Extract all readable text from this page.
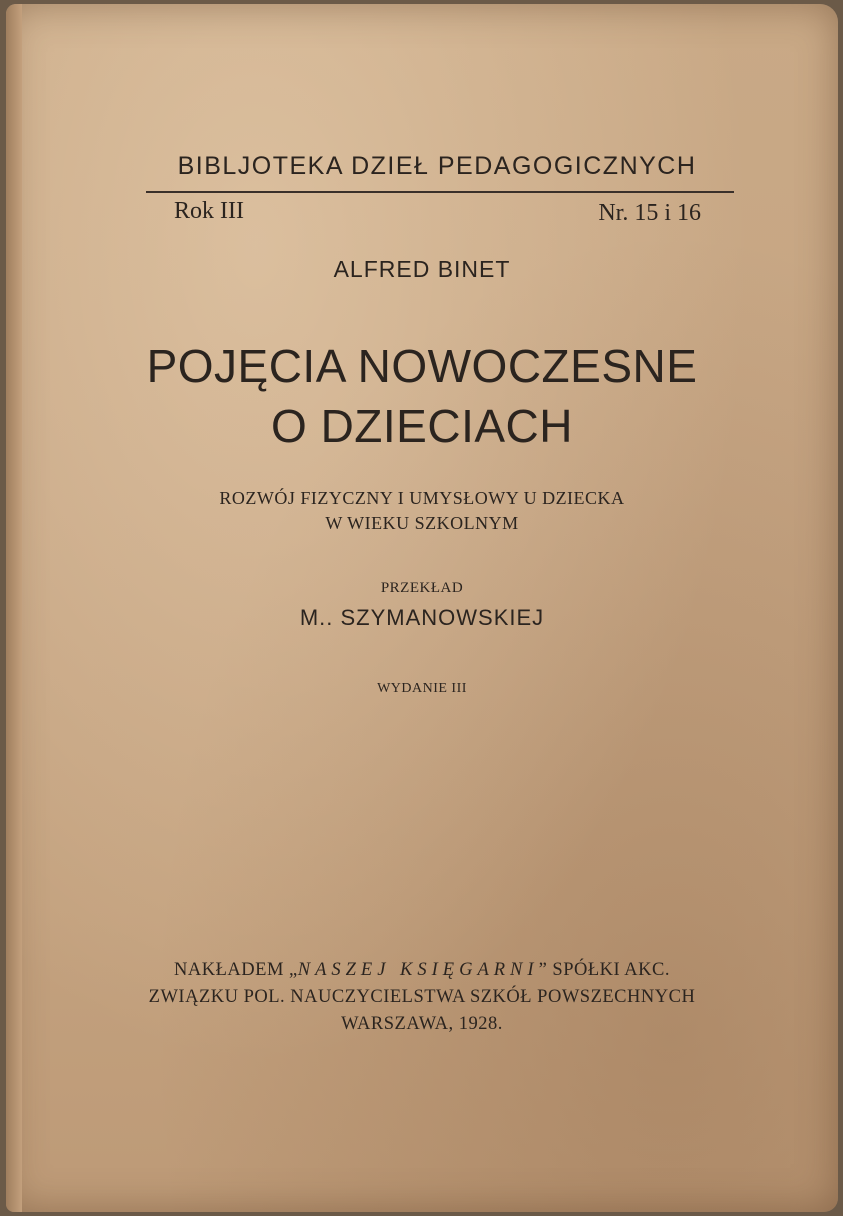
BIBLJOTEKA DZIEŁ PEDAGOGICZNYCH
Rok III	Nr. 15 i 16
ALFRED BINET
POJĘCIA NOWOCZESNE
O DZIECIACH
ROZWÓJ FIZYCZNY I UMYSŁOWY U DZIECKA
W WIEKU SZKOLNYM
PRZEKŁAD
M.. SZYMANOWSKIEJ
WYDANIE III
NAKŁADEM „NASZEJ KSIĘGARNI” SPÓŁKI AKC.
ZWIĄZKU POL. NAUCZYCIELSTWA SZKÓŁ POWSZECHNYCH
WARSZAWA, 1928.
